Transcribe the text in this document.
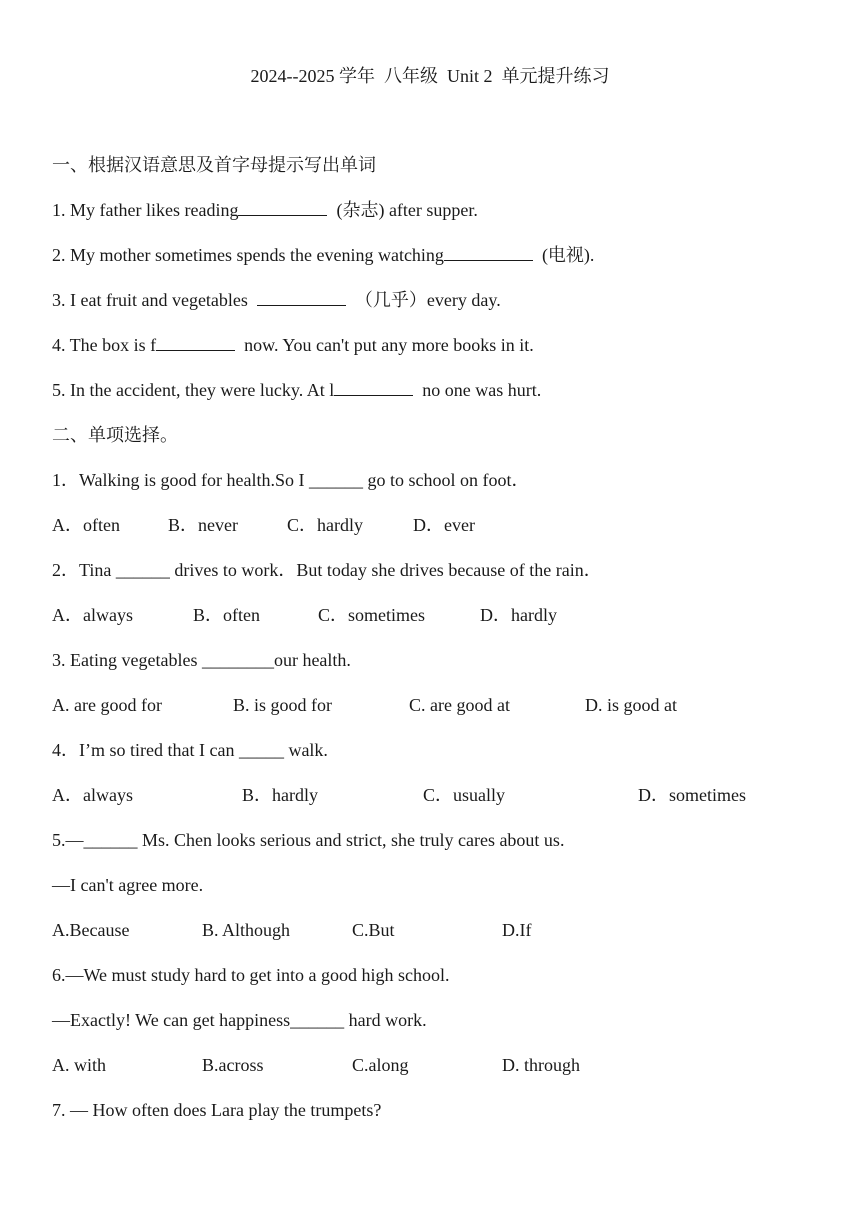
2024--2025 学年  八年级  Unit 2  单元提升练习
一、根据汉语意思及首字母提示写出单词
1. My father likes reading	(杂志) after supper.
2. My mother sometimes spends the evening watching	(电视).
3. I eat fruit and vegetables	（几乎）every day.
4. The box is f	now. You can't put any more books in it.
5. In the accident, they were lucky. At l	no one was hurt.
二、单项选择。
1．Walking is good for health.So I ______ go to school on foot．
A．often	B．never	C．hardly	D．ever
2．Tina ______ drives to work．But today she drives because of the rain．
A．always	B．often	C．sometimes	D．hardly
3. Eating vegetables ________our health.
A. are good for	B. is good for	C. are good at	D. is good at
4．I’m so tired that I can _____ walk.
A．always	B．hardly	C．usually	D．sometimes
5.—______ Ms. Chen looks serious and strict, she truly cares about us.
—I can't agree more.
A.Because	B. Although	C.But	D.If
6.—We must study hard to get into a good high school.
—Exactly! We can get happiness______ hard work.
A. with	B.across	C.along	D. through
7. — How often does Lara play the trumpets?
